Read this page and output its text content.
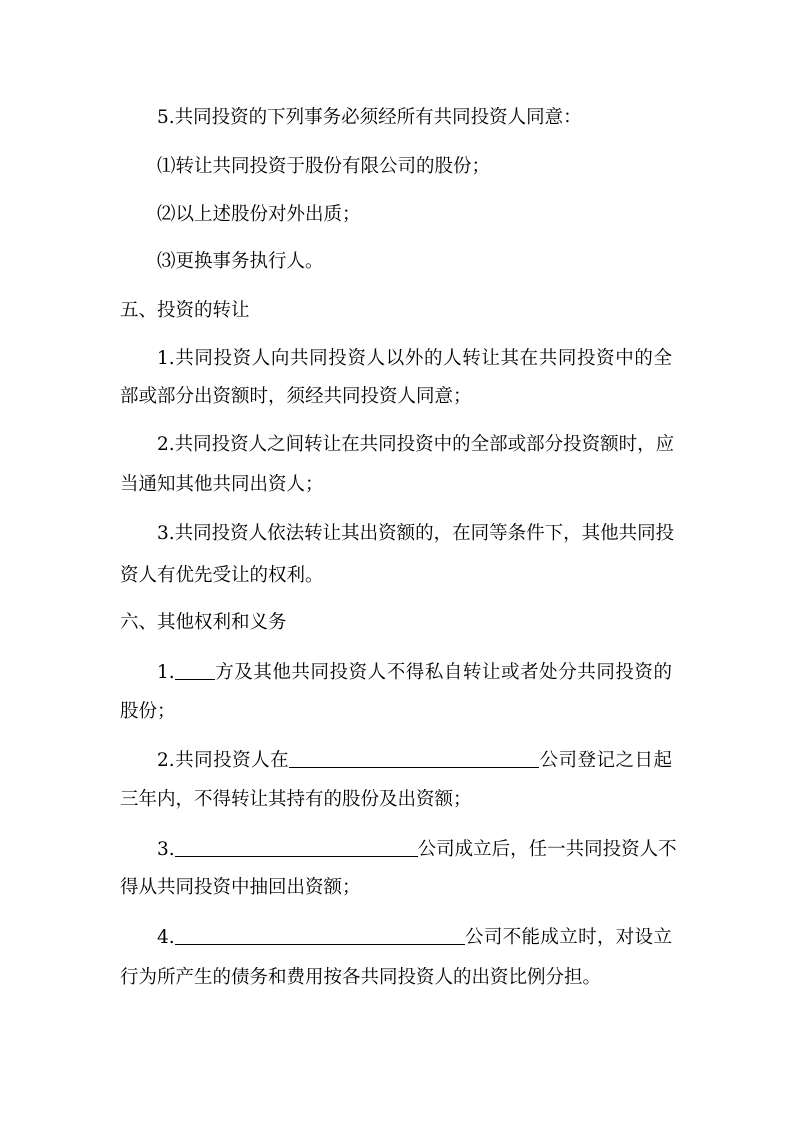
5.共同投资的下列事务必须经所有共同投资人同意：
⑴转让共同投资于股份有限公司的股份；
⑵以上述股份对外出质；
⑶更换事务执行人。
五、投资的转让
1.共同投资人向共同投资人以外的人转让其在共同投资中的全
部或部分出资额时，须经共同投资人同意；
2.共同投资人之间转让在共同投资中的全部或部分投资额时，应
当通知其他共同出资人；
3.共同投资人依法转让其出资额的，在同等条件下，其他共同投
资人有优先受让的权利。
六、其他权利和义务
1. 方及其他共同投资人不得私自转让或者处分共同投资的
股份；
2.共同投资人在	公司登记之日起
三年内，不得转让其持有的股份及出资额；
3.	公司成立后，任一共同投资人不
得从共同投资中抽回出资额；
4.	公司不能成立时，对设立
行为所产生的债务和费用按各共同投资人的出资比例分担。
